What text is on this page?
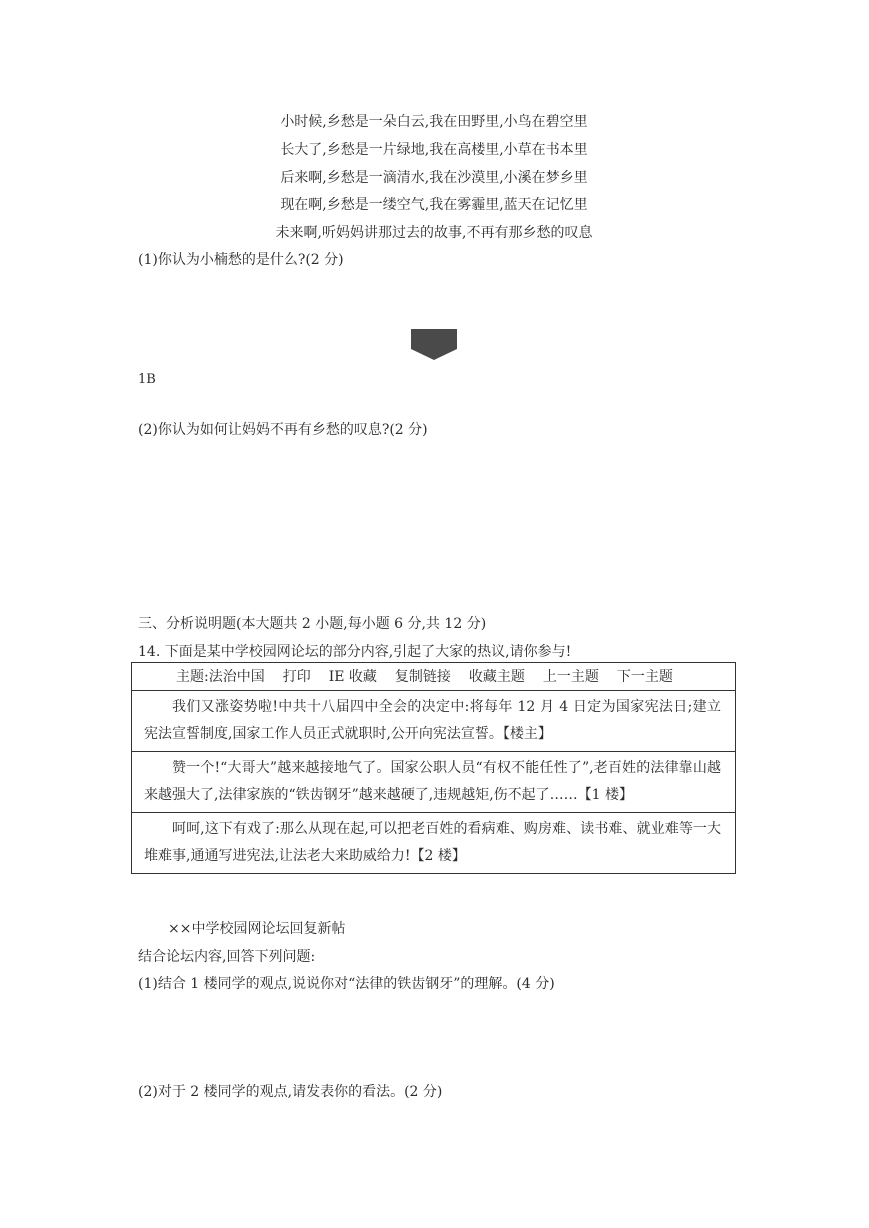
小时候,乡愁是一朵白云,我在田野里,小鸟在碧空里
长大了,乡愁是一片绿地,我在高楼里,小草在书本里
后来啊,乡愁是一滴清水,我在沙漠里,小溪在梦乡里
现在啊,乡愁是一缕空气,我在雾霾里,蓝天在记忆里
未来啊,听妈妈讲那过去的故事,不再有那乡愁的叹息
(1)你认为小楠愁的是什么?(2 分)
1B
(2)你认为如何让妈妈不再有乡愁的叹息?(2 分)
三、分析说明题(本大题共 2 小题,每小题 6 分,共 12 分)
14. 下面是某中学校园网论坛的部分内容,引起了大家的热议,请你参与!
主题:法治中国 打印 IE 收藏 复制链接 收藏主题 上一主题 下一主题
我们又涨姿势啦!中共十八届四中全会的决定中:将每年 12 月 4 日定为国家宪法日;建立宪法宣誓制度,国家工作人员正式就职时,公开向宪法宣誓。【楼主】
赞一个!“大哥大”越来越接地气了。国家公职人员“有权不能任性了”,老百姓的法律靠山越来越强大了,法律家族的“铁齿钢牙”越来越硬了,违规越矩,伤不起了……【1 楼】
呵呵,这下有戏了:那么从现在起,可以把老百姓的看病难、购房难、读书难、就业难等一大堆难事,通通写进宪法,让法老大来助威给力!【2 楼】
××中学校园网论坛回复新帖
结合论坛内容,回答下列问题:
(1)结合 1 楼同学的观点,说说你对“法律的铁齿钢牙”的理解。(4 分)
(2)对于 2 楼同学的观点,请发表你的看法。(2 分)
